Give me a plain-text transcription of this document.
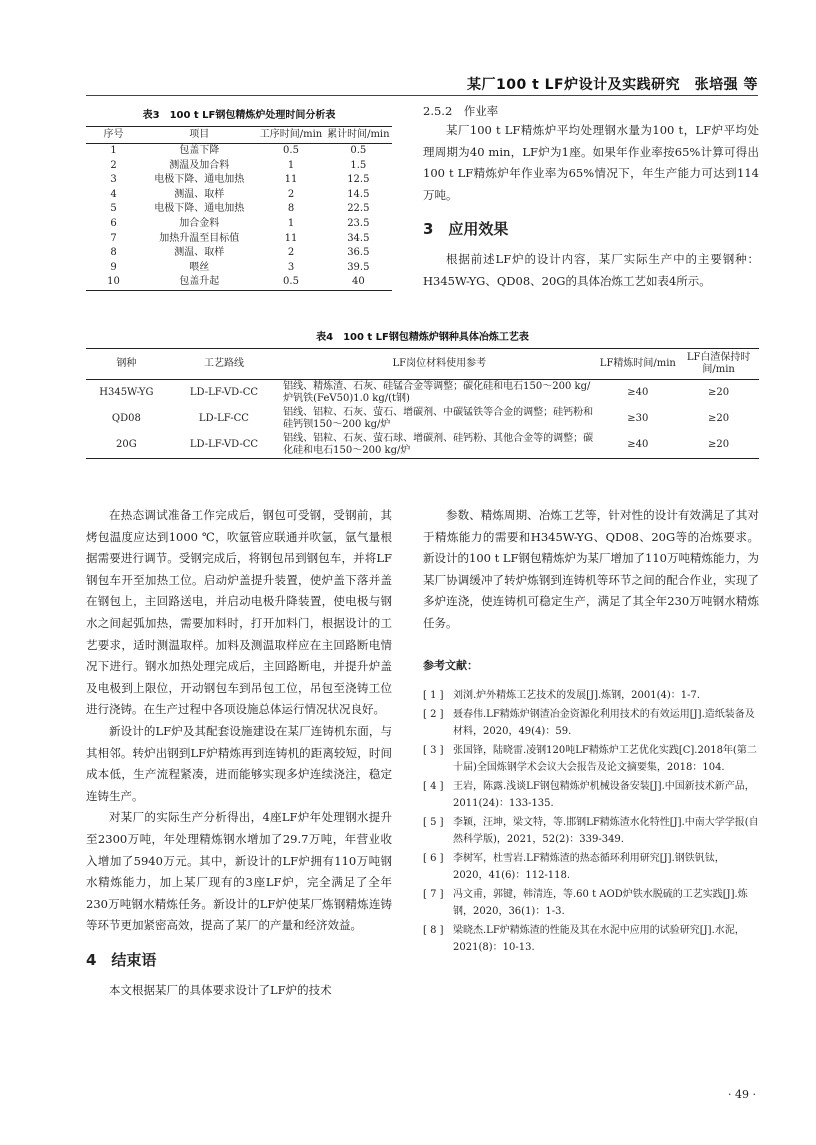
某厂100 t LF炉设计及实践研究　张培强 等
表3　100 t LF钢包精炼炉处理时间分析表
序号	项目	工序时间/min	累计时间/min
1	包盖下降	0.5	0.5
2	测温及加合料	1	1.5
3	电极下降、通电加热	11	12.5
4	测温、取样	2	14.5
5	电极下降、通电加热	8	22.5
6	加合金料	1	23.5
7	加热升温至目标值	11	34.5
8	测温、取样	2	36.5
9	喂丝	3	39.5
10	包盖升起	0.5	40

2.5.2　作业率

某厂100 t LF精炼炉平均处理钢水量为100 t，LF炉平均处理周期为40 min，LF炉为1座。如果年作业率按65%计算可得出100 t LF精炼炉年作业率为65%情况下，年生产能力可达到114万吨。

3　应用效果

根据前述LF炉的设计内容，某厂实际生产中的主要钢种：H345W-YG、QD08、20G的具体冶炼工艺如表4所示。

表4　100 t LF钢包精炼炉钢种具体冶炼工艺表
钢种	工艺路线	LF岗位材料使用参考	LF精炼时间/min	LF白渣保持时间/min
H345W-YG	LD-LF-VD-CC	铝线、精炼渣、石灰、硅锰合金等调整；碳化硅和电石150～200 kg/炉钒铁(FeV50)1.0 kg/(t钢)	≥40	≥20
QD08	LD-LF-CC	铝线、铝粒、石灰、萤石、增碳剂、中碳锰铁等合金的调整；硅钙粉和硅钙钡150～200 kg/炉	≥30	≥20
20G	LD-LF-VD-CC	铝线、铝粒、石灰、萤石球、增碳剂、硅钙粉、其他合金等的调整；碳化硅和电石150～200 kg/炉	≥40	≥20

在热态调试准备工作完成后，钢包可受钢，受钢前，其烤包温度应达到1000 ℃，吹氩管应联通并吹氩，氩气量根据需要进行调节。受钢完成后，将钢包吊到钢包车，并将LF钢包车开至加热工位。启动炉盖提升装置，使炉盖下落并盖在钢包上，主回路送电，并启动电极升降装置，使电极与钢水之间起弧加热，需要加料时，打开加料门，根据设计的工艺要求，适时测温取样。加料及测温取样应在主回路断电情况下进行。钢水加热处理完成后，主回路断电，并提升炉盖及电极到上限位，开动钢包车到吊包工位，吊包至浇铸工位进行浇铸。在生产过程中各项设施总体运行情况状况良好。

新设计的LF炉及其配套设施建设在某厂连铸机东面，与其相邻。转炉出钢到LF炉精炼再到连铸机的距离较短，时间成本低，生产流程紧凑，进而能够实现多炉连续浇注，稳定连铸生产。

对某厂的实际生产分析得出，4座LF炉年处理钢水提升至2300万吨，年处理精炼钢水增加了29.7万吨，年营业收入增加了5940万元。其中，新设计的LF炉拥有110万吨钢水精炼能力，加上某厂现有的3座LF炉，完全满足了全年230万吨钢水精炼任务。新设计的LF炉使某厂炼钢精炼连铸等环节更加紧密高效，提高了某厂的产量和经济效益。

4　结束语

本文根据某厂的具体要求设计了LF炉的技术

参数、精炼周期、冶炼工艺等，针对性的设计有效满足了其对于精炼能力的需要和H345W-YG、QD08、20G等的冶炼要求。新设计的100 t LF钢包精炼炉为某厂增加了110万吨精炼能力，为某厂协调缓冲了转炉炼钢到连铸机等环节之间的配合作业，实现了多炉连浇，使连铸机可稳定生产，满足了其全年230万吨钢水精炼任务。

参考文献：
[ 1 ] 刘浏.炉外精炼工艺技术的发展[J].炼钢，2001(4)：1-7.
[ 2 ] 聂春伟.LF精炼炉钢渣冶金资源化利用技术的有效运用[J].造纸装备及材料，2020，49(4)：59.
[ 3 ] 张国锋，陆晓雷.凌钢120吨LF精炼炉工艺优化实践[C].2018年(第二十届)全国炼钢学术会议大会报告及论文摘要集，2018：104.
[ 4 ] 王岩，陈露.浅谈LF钢包精炼炉机械设备安装[J].中国新技术新产品，2011(24)：133-135.
[ 5 ] 李颖，汪坤，梁文特，等.邯钢LF精炼渣水化特性[J].中南大学学报(自然科学版)，2021，52(2)：339-349.
[ 6 ] 李树军，杜雪岩.LF精炼渣的热态循环利用研究[J].钢铁钒钛，2020，41(6)：112-118.
[ 7 ] 冯文甫，郭键，韩清连，等.60 t AOD炉铁水脱硫的工艺实践[J].炼钢，2020，36(1)：1-3.
[ 8 ] 梁晓杰.LF炉精炼渣的性能及其在水泥中应用的试验研究[J].水泥，2021(8)：10-13.
· 49 ·
